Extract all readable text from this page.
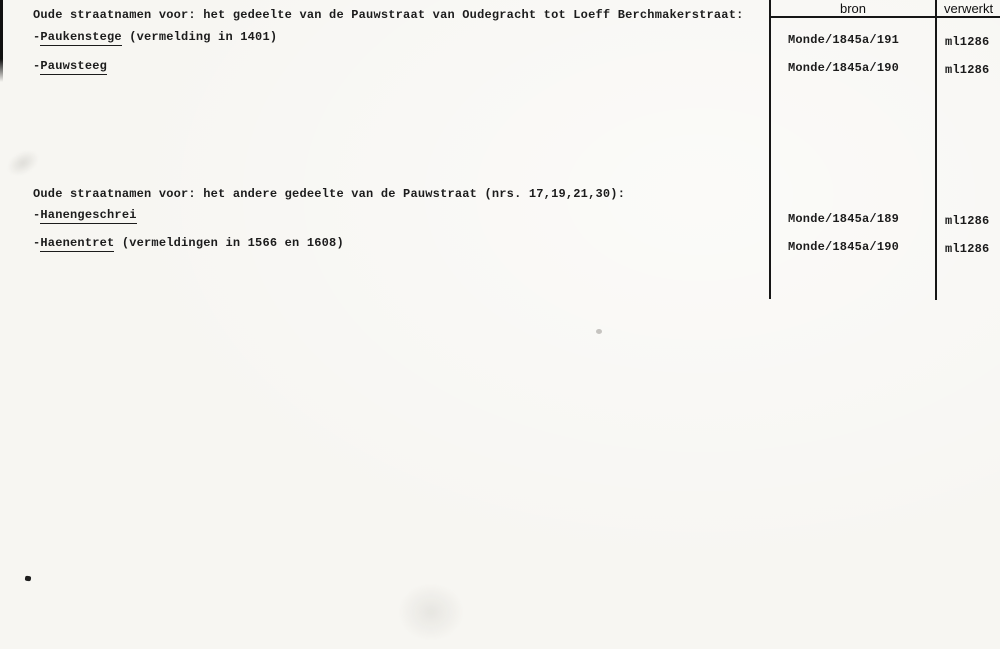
bron	verwerkt
Oude straatnamen voor: het gedeelte van de Pauwstraat van Oudegracht tot Loeff Berchmakerstraat:
-Paukenstege (vermelding in 1401)
-Pauwsteeg
Monde/1845a/191	ml1286
Monde/1845a/190	ml1286
Oude straatnamen voor: het andere gedeelte van de Pauwstraat (nrs. 17,19,21,30):
-Hanengeschrei
-Haenentret (vermeldingen in 1566 en 1608)
Monde/1845a/189	ml1286
Monde/1845a/190	ml1286
